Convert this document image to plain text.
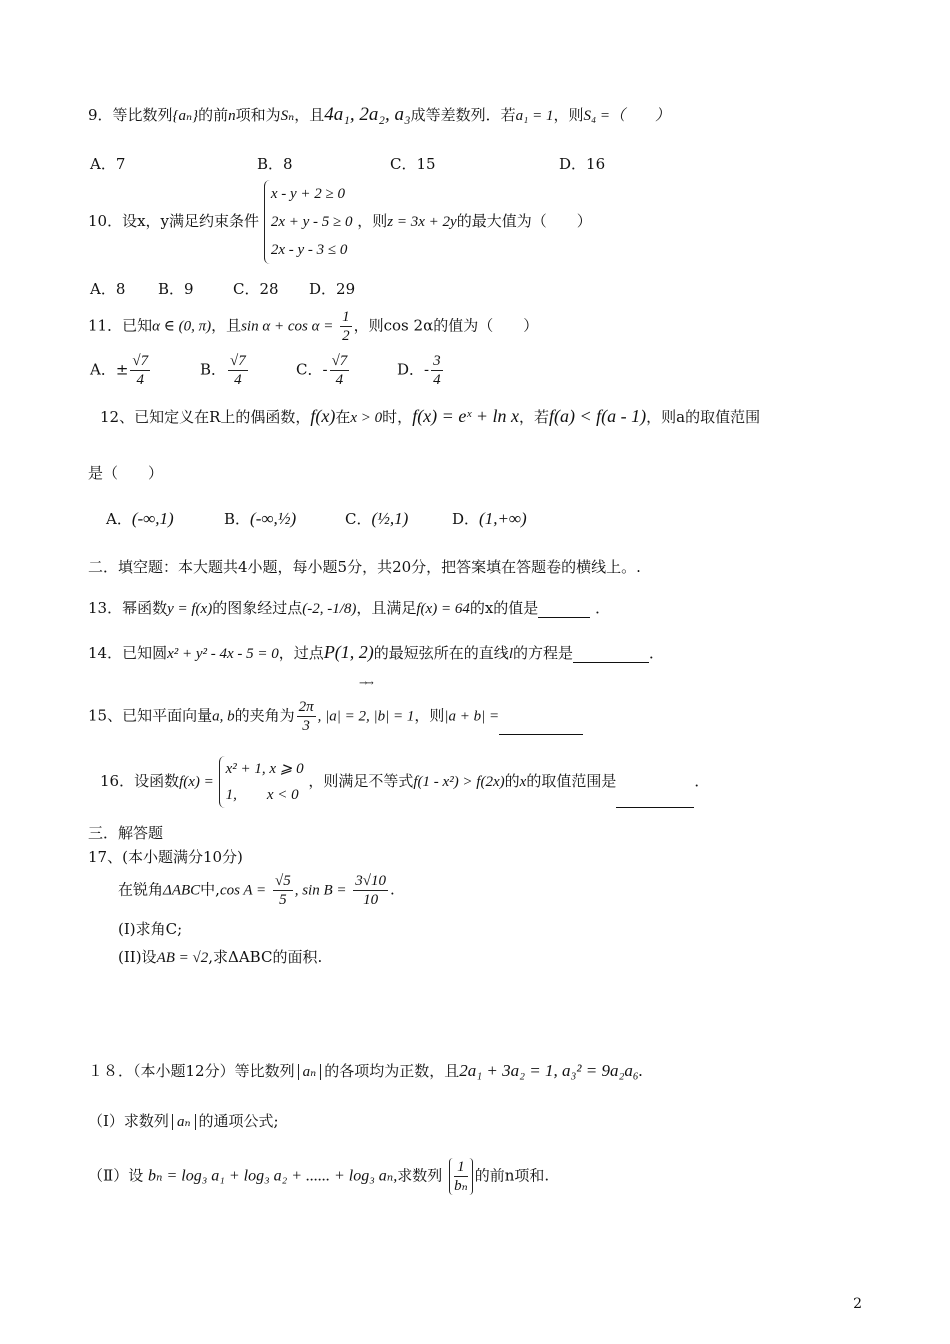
9．等比数列{aₙ}的前n项和为Sₙ，且4a₁, 2a₂, a₃成等差数列．若a₁ = 1，则S₄ =（　　）
A．7	B．8	C．15	D．16
10．设x，y满足约束条件
x - y + 2 ≥ 0
2x + y - 5 ≥ 0
2x - y - 3 ≤ 0
，则z = 3x + 2y的最大值为（　　）
A．8 B．9	C．28 D．29
11．已知α ∈ (0, π)，且$\sin \alpha + \cos \alpha = \frac{1}{2}$ ，则cos 2α的值为（　　）
A．± $\frac{√7}{4}$	B． $\frac{√7}{4}$	C．- $\frac{√7}{4}$	D．- $\frac{3}{4}$
12、已知定义在R上的偶函数，f(x)在x > 0时，f(x) = eˣ + ln x，若f(a) < f(a - 1)，则a的取值范围
是（　　）
A．(-∞,1)	B．(-∞,½)	C．(½,1)	D．(1,+∞)
二．填空题：本大题共4小题，每小题5分，共20分，把答案填在答题卷的横线上。.
13．幂函数y = f(x)的图象经过点(-2, -1/8)，且满足f(x) = 64的x的值是	．
14．已知圆x² + y² - 4x - 5 = 0，过点P(1, 2)的最短弦所在的直线l的方程是	．
→→
15、已知平面向量a, b的夹角为 $\frac{2\pi}{3}$ , |a| = 2, |b| = 1，则|a + b| =
16．设函数f(x) =
x² + 1, x ⩾ 0
1,　　x < 0
，则满足不等式f(1 - x²) > f(2x)的x的取值范围是	．
三．解答题
17、(本小题满分10分)
在锐角ΔABC中,cos $A = \frac{√5}{5}$ , $\sin B = \frac{3√10}{10}$ .
(I)求角C;
(II)设AB = √2,求ΔABC的面积.
１８．（本小题12分）等比数列 aₙ 的各项均为正数，且2a₁ + 3a₂ = 1, a₃² = 9a₂a₆.
（Ⅰ）求数列 aₙ 的通项公式;
（Ⅱ）设 bₙ = log₃ a₁ + log₃ a₂ + ...... + log₃ aₙ,求数列 $\frac{1}{\text{bₙ}}$ 的前n项和.
2
